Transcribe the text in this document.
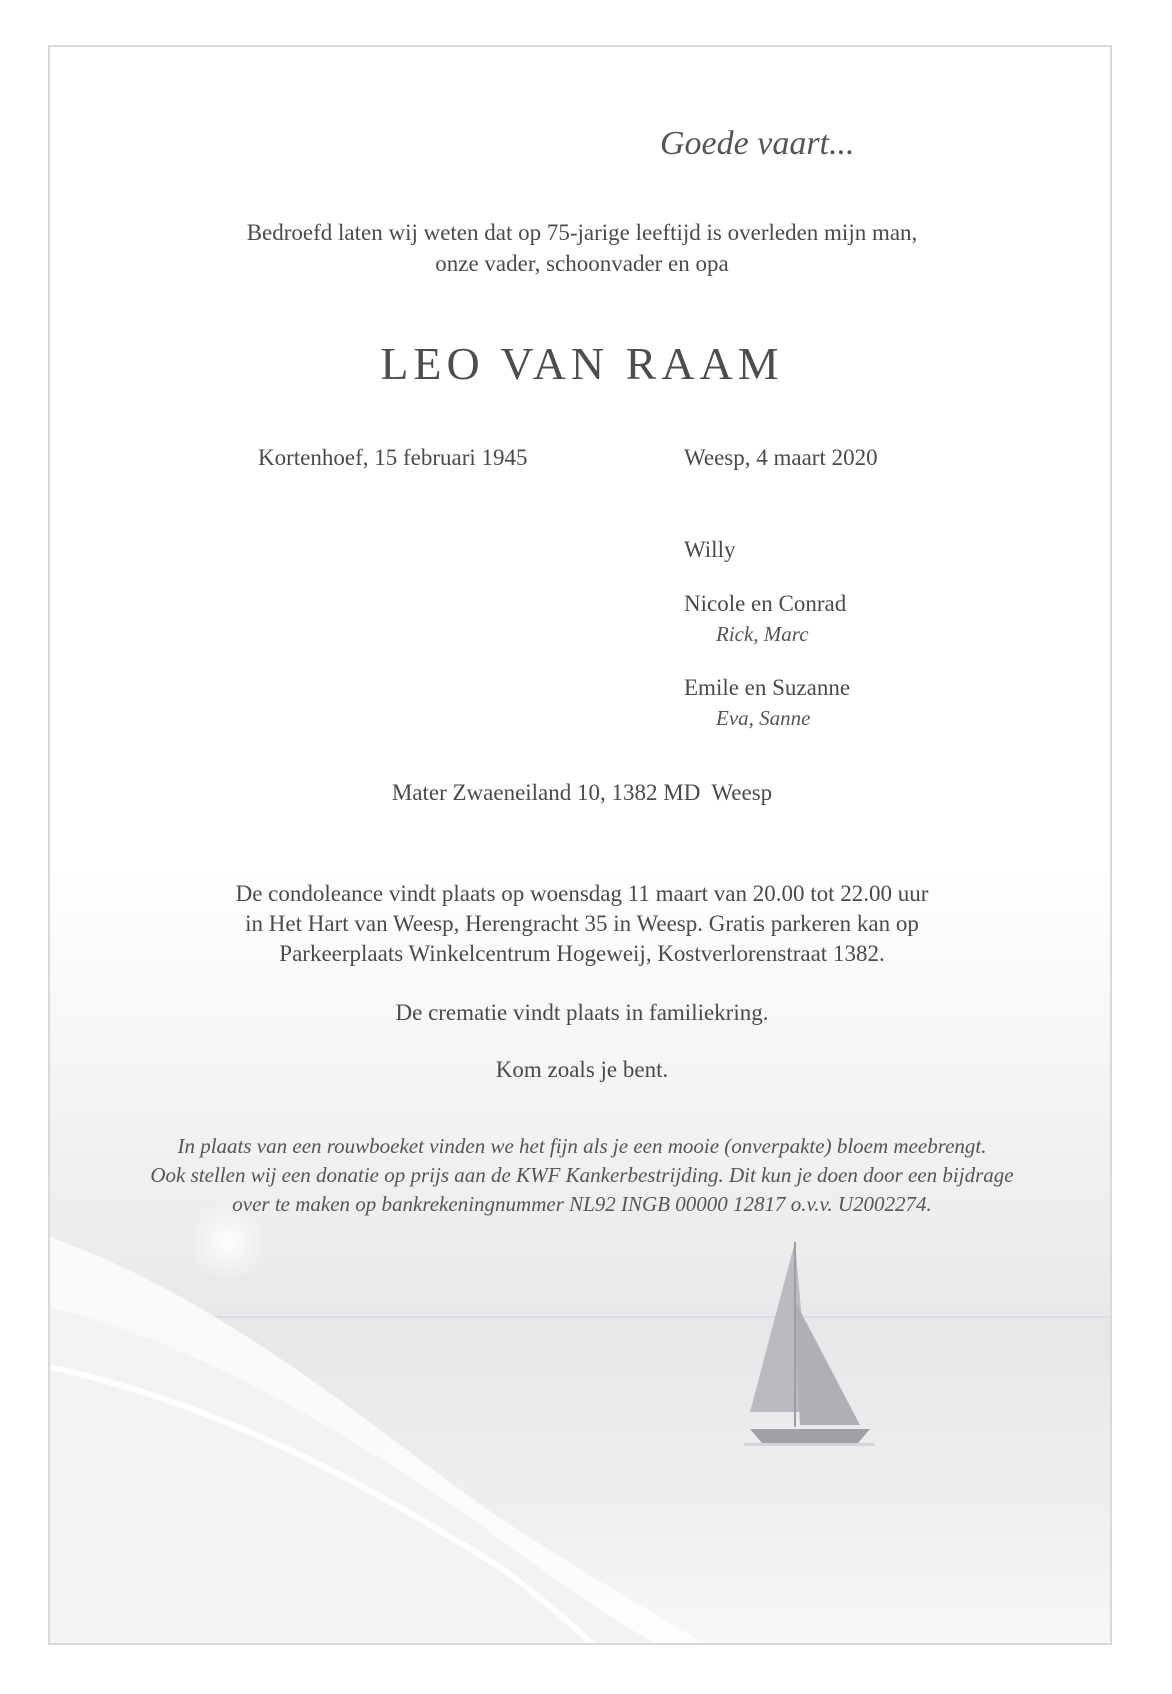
Goede vaart...

Bedroefd laten wij weten dat op 75-jarige leeftijd is overleden mijn man,
onze vader, schoonvader en opa
LEO VAN RAAM
Kortenhoef, 15 februari 1945	Weesp, 4 maart 2020
Willy
Nicole en Conrad
Rick, Marc
Emile en Suzanne
Eva, Sanne
Mater Zwaeneiland 10, 1382 MD  Weesp
De condoleance vindt plaats op woensdag 11 maart van 20.00 tot 22.00 uur
in Het Hart van Weesp, Herengracht 35 in Weesp. Gratis parkeren kan op
Parkeerplaats Winkelcentrum Hogeweij, Kostverlorenstraat 1382.
De crematie vindt plaats in familiekring.
Kom zoals je bent.
In plaats van een rouwboeket vinden we het fijn als je een mooie (onverpakte) bloem meebrengt.
Ook stellen wij een donatie op prijs aan de KWF Kankerbestrijding. Dit kun je doen door een bijdrage
over te maken op bankrekeningnummer NL92 INGB 00000 12817 o.v.v. U2002274.
